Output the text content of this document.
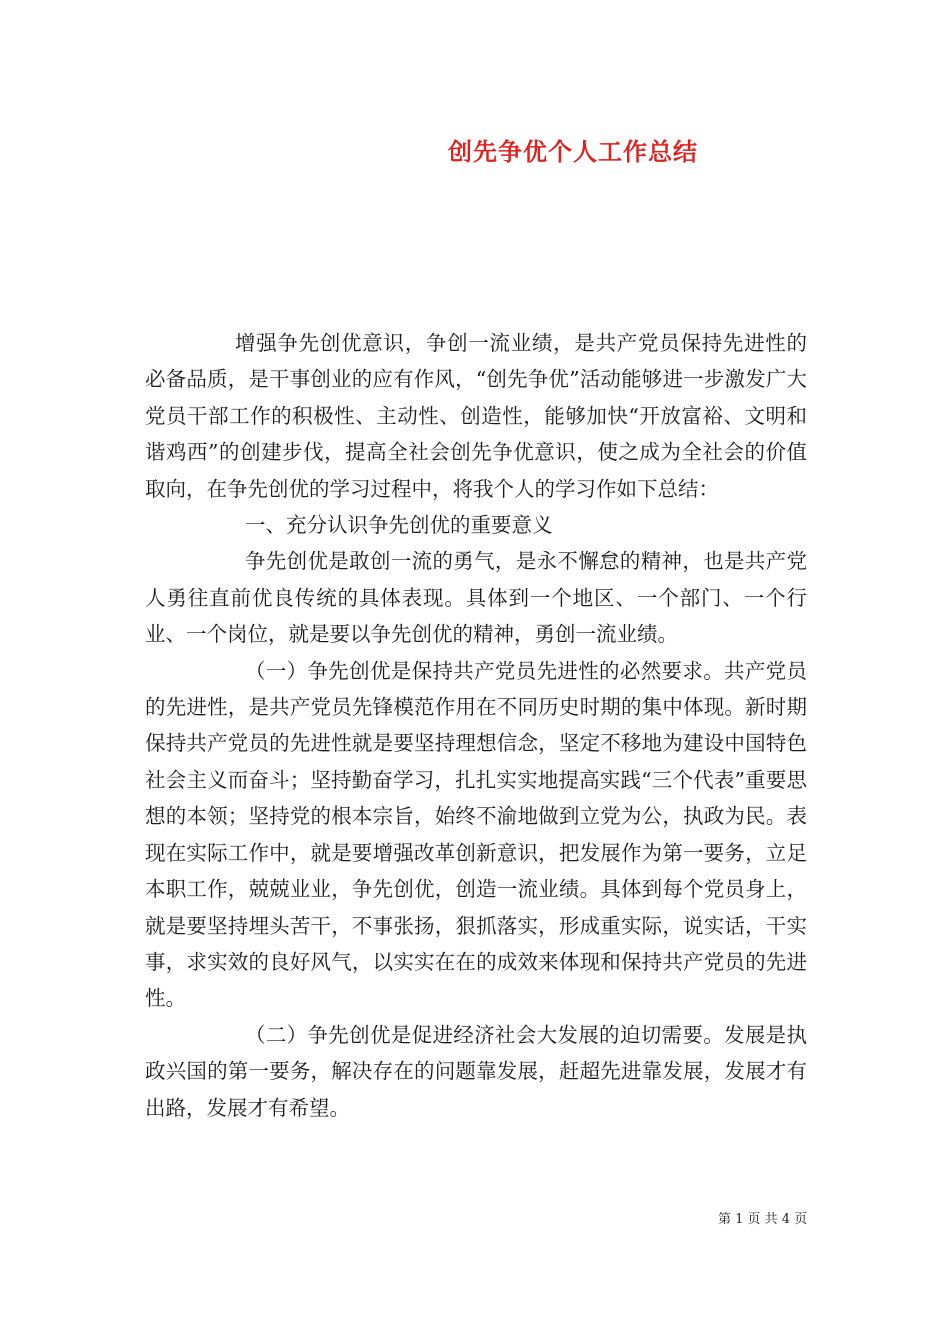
创先争优个人工作总结

增强争先创优意识，争创一流业绩，是共产党员保持先进性的必备品质，是干事创业的应有作风，“创先争优”活动能够进一步激发广大党员干部工作的积极性、主动性、创造性，能够加快“开放富裕、文明和谐鸡西”的创建步伐，提高全社会创先争优意识，使之成为全社会的价值取向，在争先创优的学习过程中，将我个人的学习作如下总结：

一、充分认识争先创优的重要意义

争先创优是敢创一流的勇气，是永不懈怠的精神，也是共产党人勇往直前优良传统的具体表现。具体到一个地区、一个部门、一个行业、一个岗位，就是要以争先创优的精神，勇创一流业绩。

（一）争先创优是保持共产党员先进性的必然要求。共产党员的先进性，是共产党员先锋模范作用在不同历史时期的集中体现。新时期保持共产党员的先进性就是要坚持理想信念，坚定不移地为建设中国特色社会主义而奋斗；坚持勤奋学习，扎扎实实地提高实践“三个代表”重要思想的本领；坚持党的根本宗旨，始终不渝地做到立党为公，执政为民。表现在实际工作中，就是要增强改革创新意识，把发展作为第一要务，立足本职工作，兢兢业业，争先创优，创造一流业绩。具体到每个党员身上，就是要坚持埋头苦干，不事张扬，狠抓落实，形成重实际，说实话，干实事，求实效的良好风气，以实实在在的成效来体现和保持共产党员的先进性。

（二）争先创优是促进经济社会大发展的迫切需要。发展是执政兴国的第一要务，解决存在的问题靠发展，赶超先进靠发展，发展才有出路，发展才有希望。

第 1 页 共 4 页
